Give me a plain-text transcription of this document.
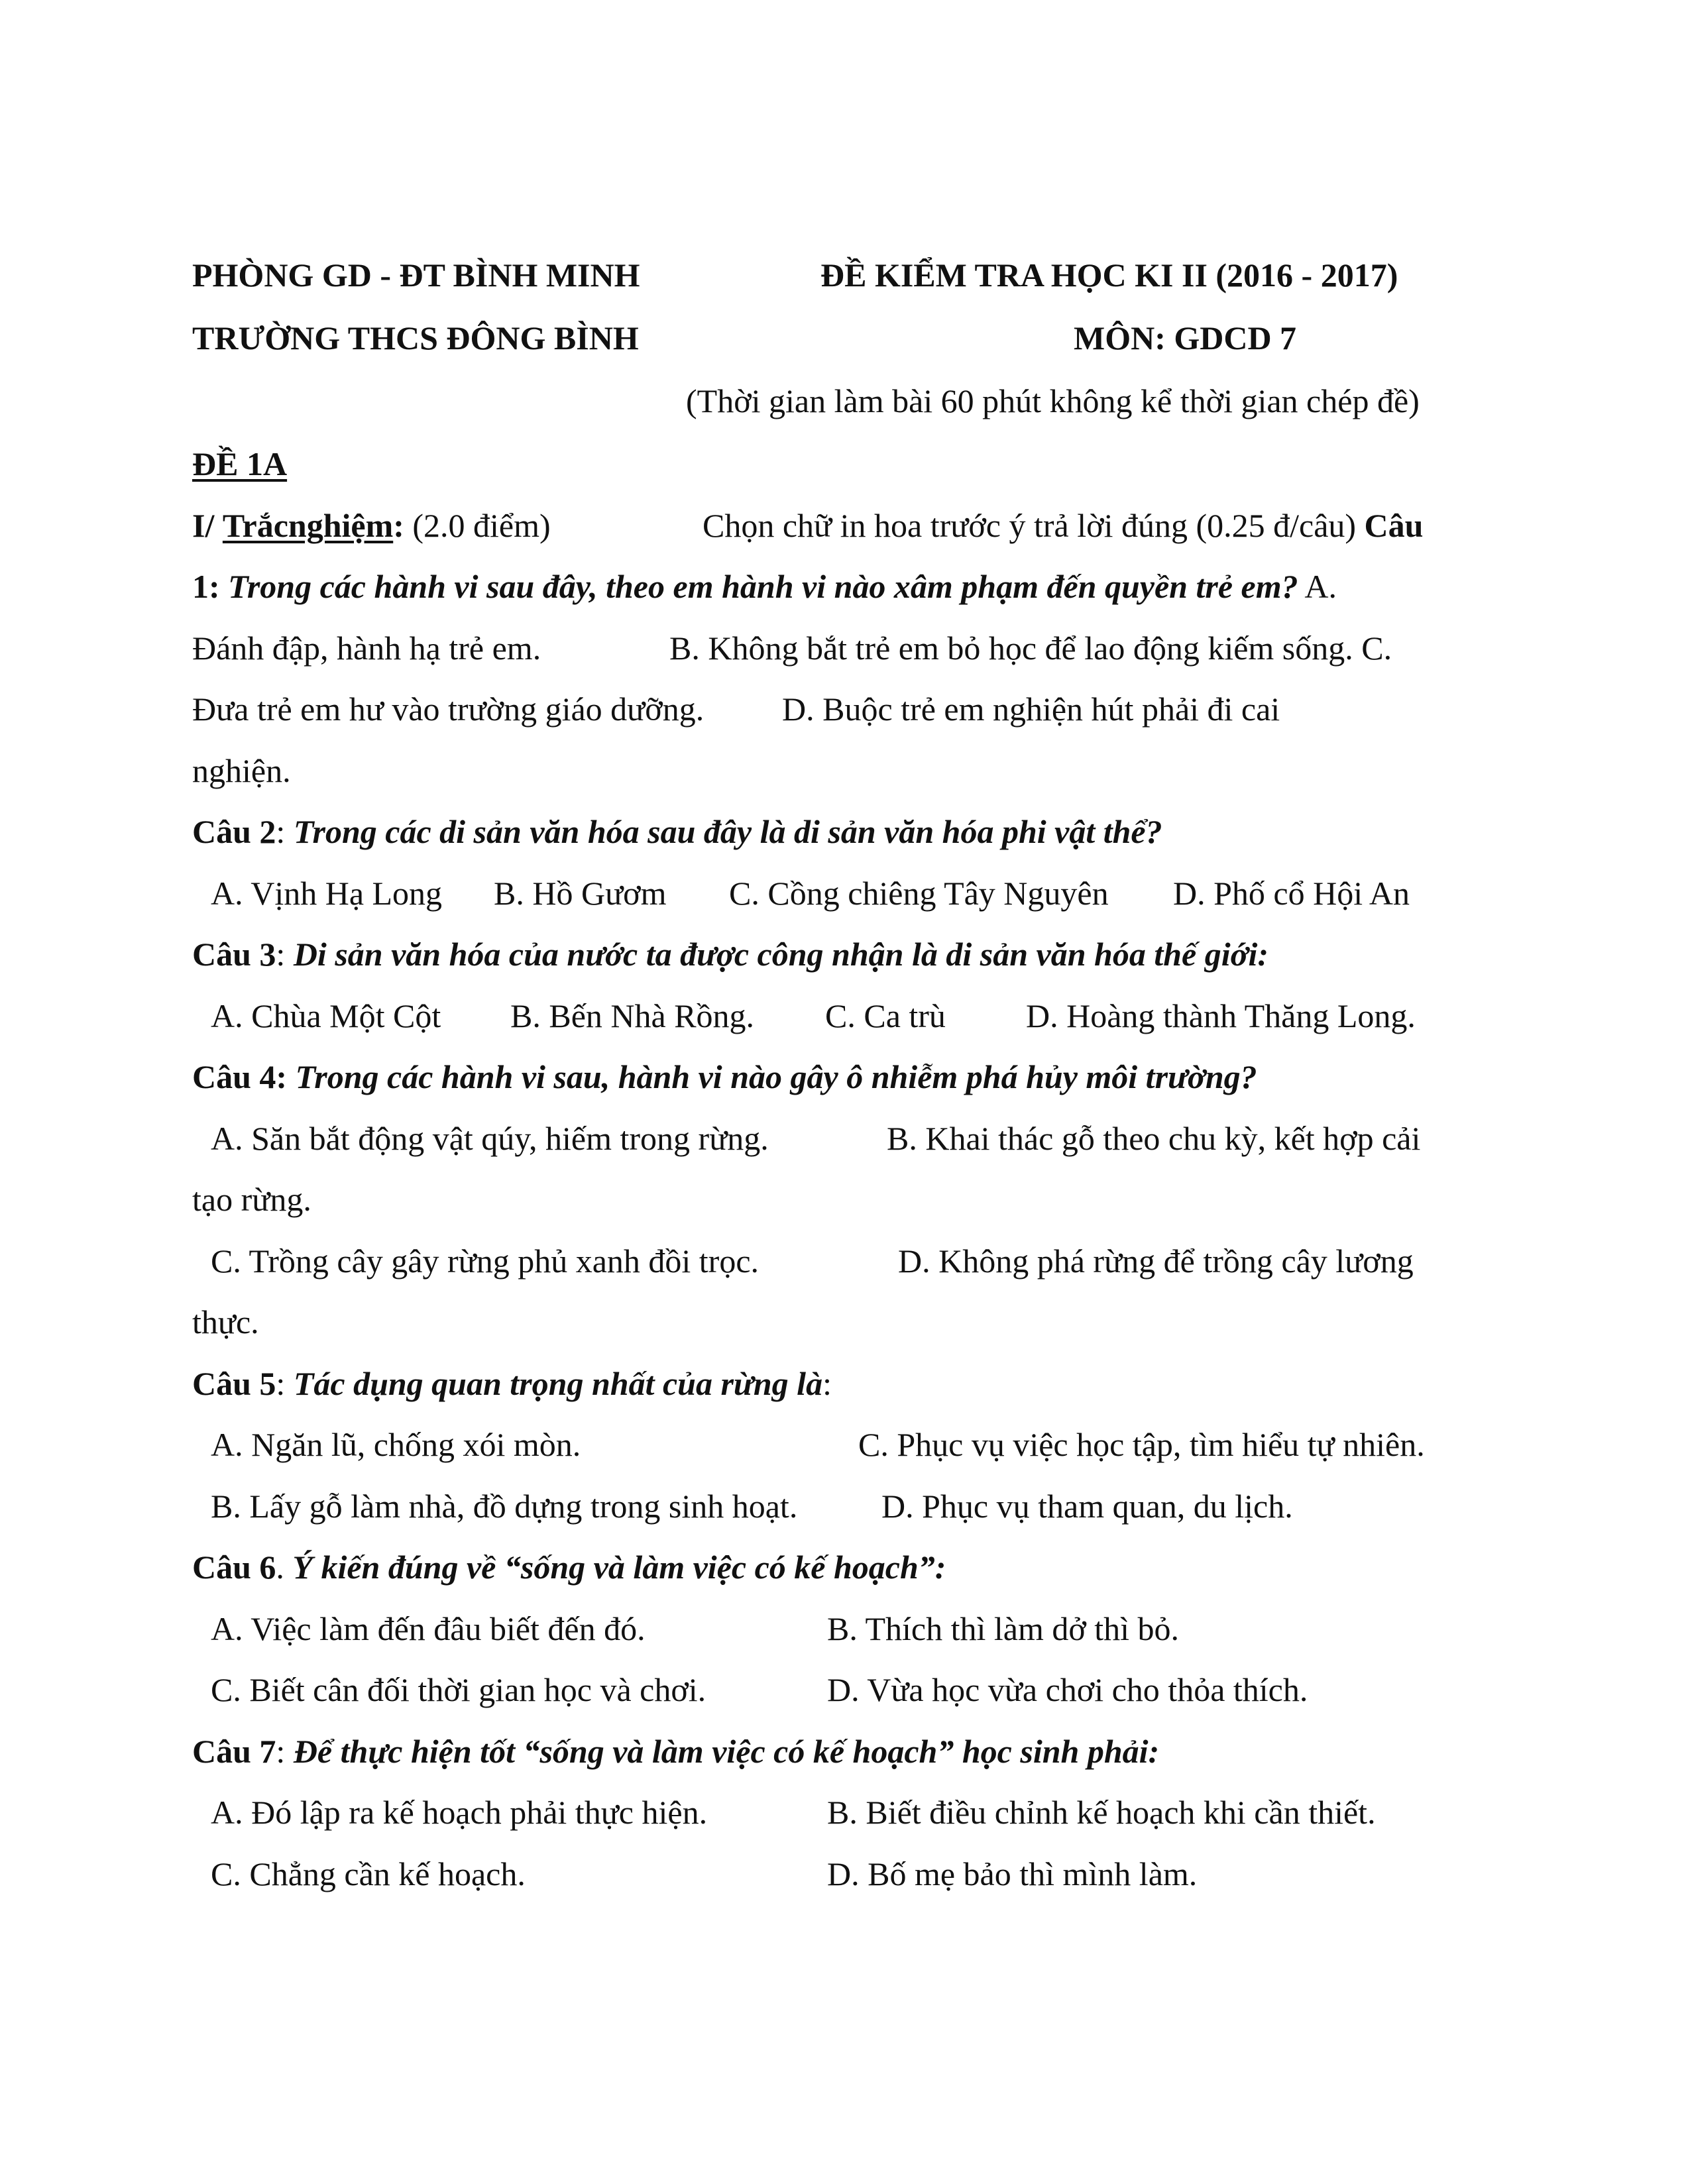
PHÒNG GD - ĐT BÌNH MINH	ĐỀ KIỂM TRA HỌC KI II (2016 - 2017)
TRƯỜNG THCS ĐÔNG BÌNH	MÔN: GDCD 7
(Thời gian làm bài 60 phút không kể thời gian chép đề)
ĐỀ 1A
I/ Trắcnghiệm: (2.0 điểm)	Chọn chữ in hoa trước ý trả lời đúng (0.25 đ/câu) Câu
1: Trong các hành vi sau đây, theo em hành vi nào xâm phạm đến quyền trẻ em? A.
Đánh đập, hành hạ trẻ em.	B. Không bắt trẻ em bỏ học để lao động kiếm sống. C.
Đưa trẻ em hư vào trường giáo dưỡng. D. Buộc trẻ em nghiện hút phải đi cai
nghiện.
Câu 2: Trong các di sản văn hóa sau đây là di sản văn hóa phi vật thể?
A. Vịnh Hạ Long B. Hồ Gươm C. Cồng chiêng Tây Nguyên D. Phố cổ Hội An
Câu 3: Di sản văn hóa của nước ta được công nhận là di sản văn hóa thế giới:
A. Chùa Một Cột B. Bến Nhà Rồng. C. Ca trù D. Hoàng thành Thăng Long.
Câu 4: Trong các hành vi sau, hành vi nào gây ô nhiễm phá hủy môi trường?
A. Săn bắt động vật qúy, hiếm trong rừng.	B. Khai thác gỗ theo chu kỳ, kết hợp cải
tạo rừng.
C. Trồng cây gây rừng phủ xanh đồi trọc.	D. Không phá rừng để trồng cây lương
thực.
Câu 5: Tác dụng quan trọng nhất của rừng là:
A. Ngăn lũ, chống xói mòn.	C. Phục vụ việc học tập, tìm hiểu tự nhiên.
B. Lấy gỗ làm nhà, đồ dựng trong sinh hoạt.	D. Phục vụ tham quan, du lịch.
Câu 6. Ý kiến đúng về “sống và làm việc có kế hoạch”:
A. Việc làm đến đâu biết đến đó.	B. Thích thì làm dở thì bỏ.
C. Biết cân đối thời gian học và chơi.	D. Vừa học vừa chơi cho thỏa thích.
Câu 7: Để thực hiện tốt “sống và làm việc có kế hoạch” học sinh phải:
A. Đó lập ra kế hoạch phải thực hiện.	B. Biết điều chỉnh kế hoạch khi cần thiết.
C. Chẳng cần kế hoạch.	D. Bố mẹ bảo thì mình làm.
